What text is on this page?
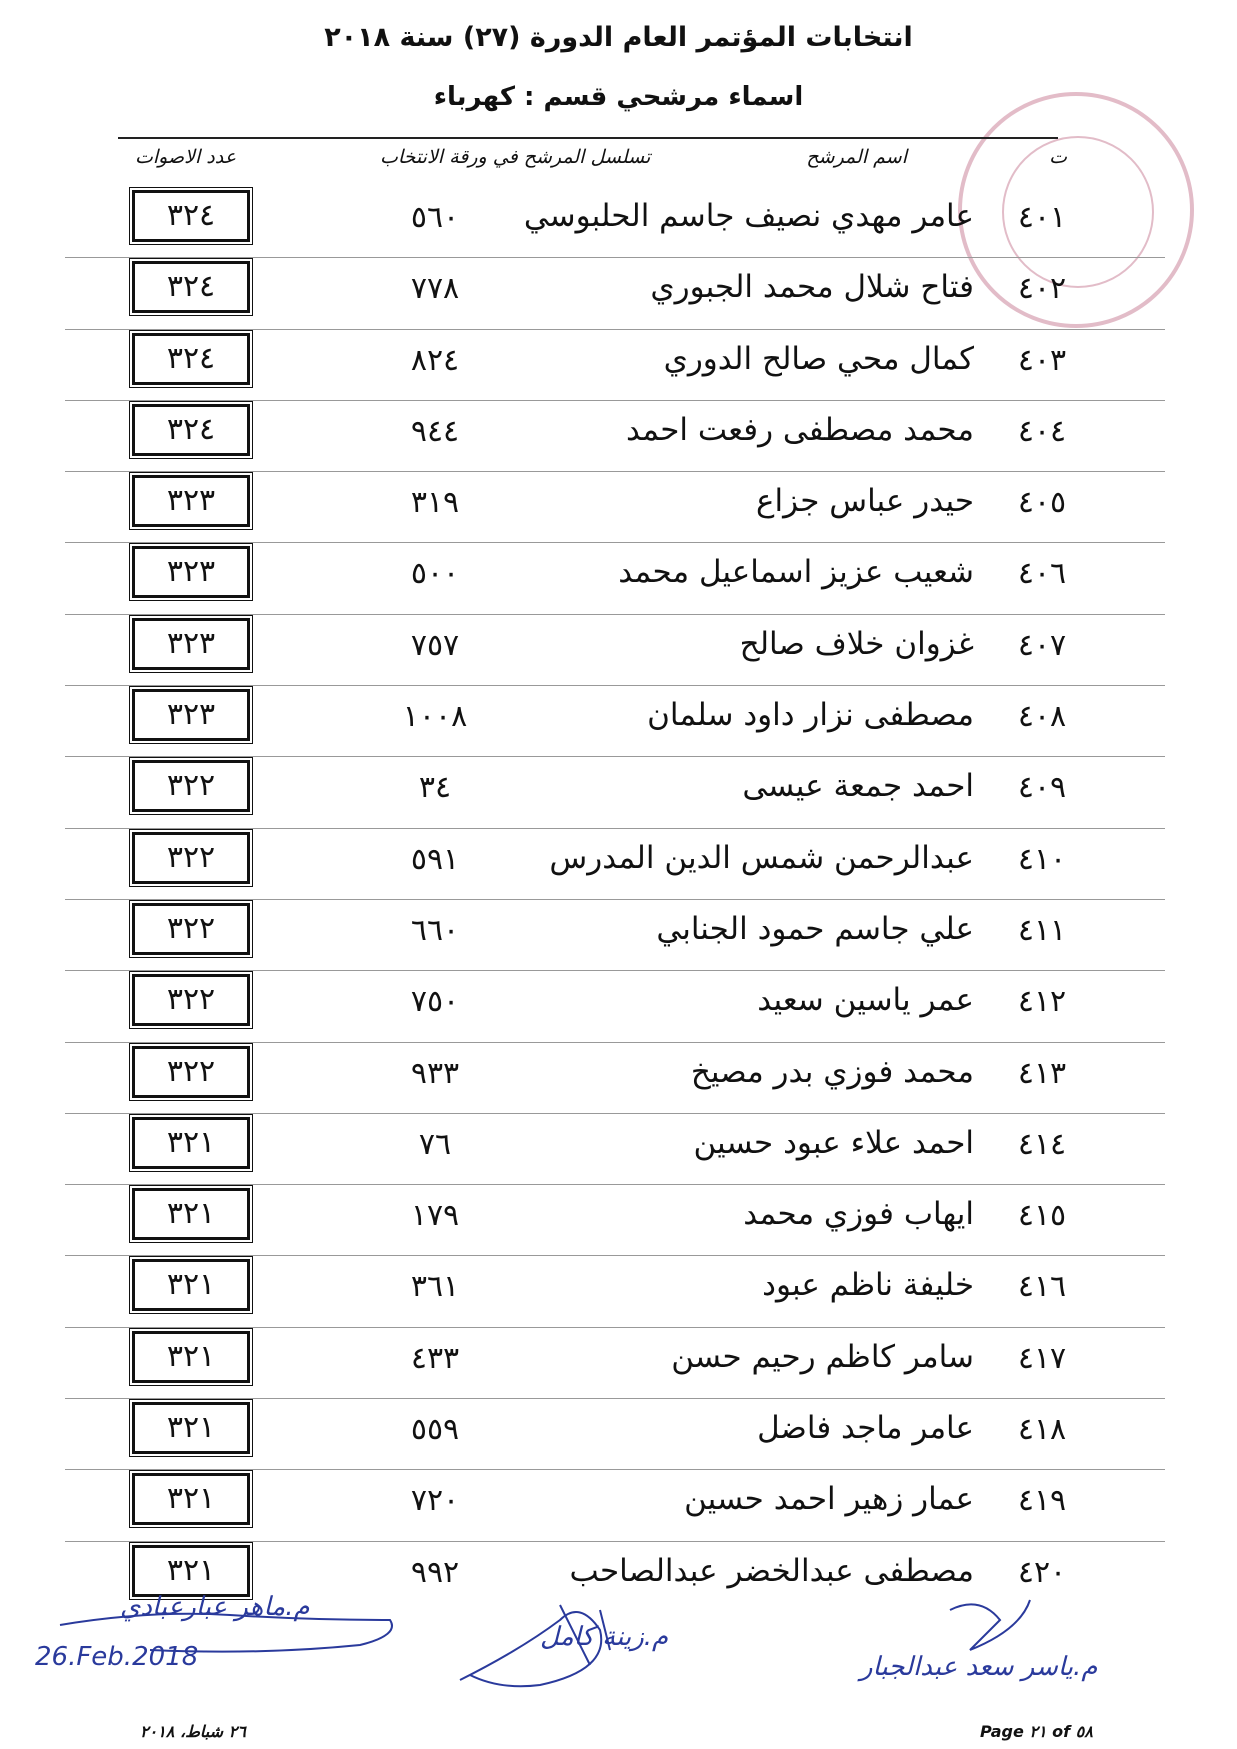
انتخابات المؤتمر العام الدورة (٢٧) سنة ٢٠١٨
اسماء مرشحي قسم : كهرباء
ت
اسم المرشح
تسلسل المرشح في ورقة الانتخاب
عدد الاصوات
٤٠١
عامر مهدي نصيف جاسم الحلبوسي
٥٦٠
٣٢٤
٤٠٢
فتاح شلال محمد الجبوري
٧٧٨
٣٢٤
٤٠٣
كمال محي صالح الدوري
٨٢٤
٣٢٤
٤٠٤
محمد مصطفى رفعت احمد
٩٤٤
٣٢٤
٤٠٥
حيدر عباس جزاع
٣١٩
٣٢٣
٤٠٦
شعيب عزيز اسماعيل محمد
٥٠٠
٣٢٣
٤٠٧
غزوان خلاف صالح
٧٥٧
٣٢٣
٤٠٨
مصطفى نزار داود سلمان
١٠٠٨
٣٢٣
٤٠٩
احمد جمعة عيسى
٣٤
٣٢٢
٤١٠
عبدالرحمن شمس الدين المدرس
٥٩١
٣٢٢
٤١١
علي جاسم حمود الجنابي
٦٦٠
٣٢٢
٤١٢
عمر ياسين سعيد
٧٥٠
٣٢٢
٤١٣
محمد فوزي بدر مصيخ
٩٣٣
٣٢٢
٤١٤
احمد علاء عبود حسين
٧٦
٣٢١
٤١٥
ايهاب فوزي محمد
١٧٩
٣٢١
٤١٦
خليفة ناظم عبود
٣٦١
٣٢١
٤١٧
سامر كاظم رحيم حسن
٤٣٣
٣٢١
٤١٨
عامر ماجد فاضل
٥٥٩
٣٢١
٤١٩
عمار زهير احمد حسين
٧٢٠
٣٢١
٤٢٠
مصطفى عبدالخضر عبدالصاحب
٩٩٢
٣٢١
م.ماهر عبارعبادي
26.Feb.2018
م.زينة كامل
م.ياسر سعد عبدالجبار
٢٦ شباط، ٢٠١٨	Page ٢١ of ٥٨
